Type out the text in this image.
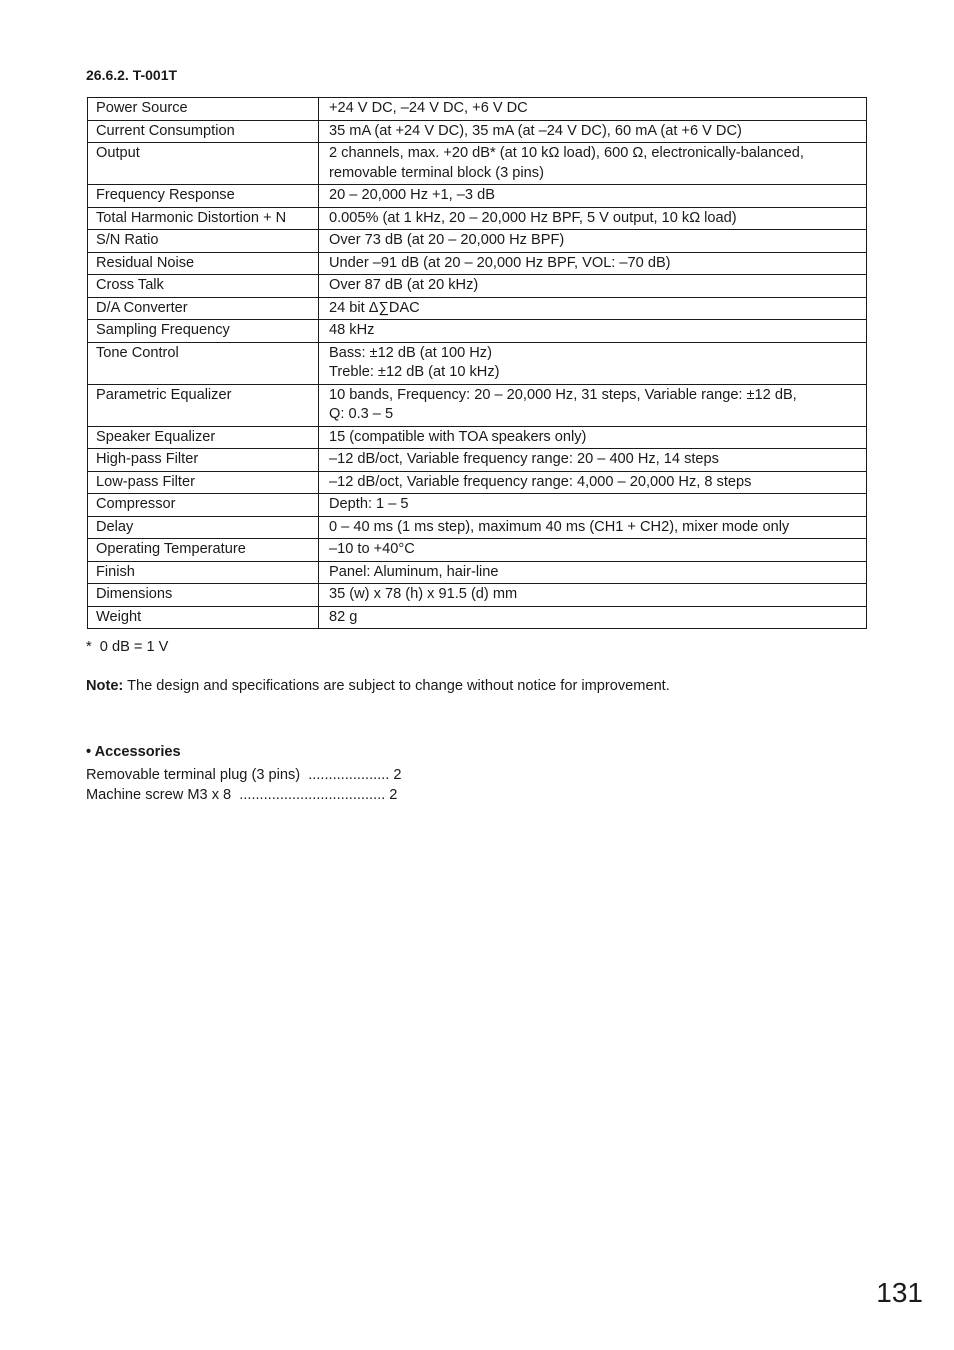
26.6.2. T-001T
Power Source	+24 V DC, –24 V DC, +6 V DC
Current Consumption	35 mA (at +24 V DC), 35 mA (at –24 V DC), 60 mA (at +6 V DC)
Output	2 channels, max. +20 dB* (at 10 kΩ load), 600 Ω, electronically-balanced,
removable terminal block (3 pins)
Frequency Response	20 – 20,000 Hz +1, –3 dB
Total Harmonic Distortion + N	0.005% (at 1 kHz, 20 – 20,000 Hz BPF, 5 V output, 10 kΩ load)
S/N Ratio	Over 73 dB (at 20 – 20,000 Hz BPF)
Residual Noise	Under –91 dB (at 20 – 20,000 Hz BPF, VOL: –70 dB)
Cross Talk	Over 87 dB (at 20 kHz)
D/A Converter	24 bit Δ∑DAC
Sampling Frequency	48 kHz
Tone Control	Bass: ±12 dB (at 100 Hz)
Treble: ±12 dB (at 10 kHz)
Parametric Equalizer	10 bands, Frequency: 20 – 20,000 Hz, 31 steps, Variable range: ±12 dB,
Q: 0.3 – 5
Speaker Equalizer	15 (compatible with TOA speakers only)
High-pass Filter	–12 dB/oct, Variable frequency range: 20 – 400 Hz, 14 steps
Low-pass Filter	–12 dB/oct, Variable frequency range: 4,000 – 20,000 Hz, 8 steps
Compressor	Depth: 1 – 5
Delay	0 – 40 ms (1 ms step), maximum 40 ms (CH1 + CH2), mixer mode only
Operating Temperature	–10 to +40°C
Finish	Panel: Aluminum, hair-line
Dimensions	35 (w) x 78 (h) x 91.5 (d) mm
Weight	82 g
*  0 dB = 1 V
Note: The design and specifications are subject to change without notice for improvement.
• Accessories
Removable terminal plug (3 pins)  .................... 2
Machine screw M3 x 8  .................................... 2
131
